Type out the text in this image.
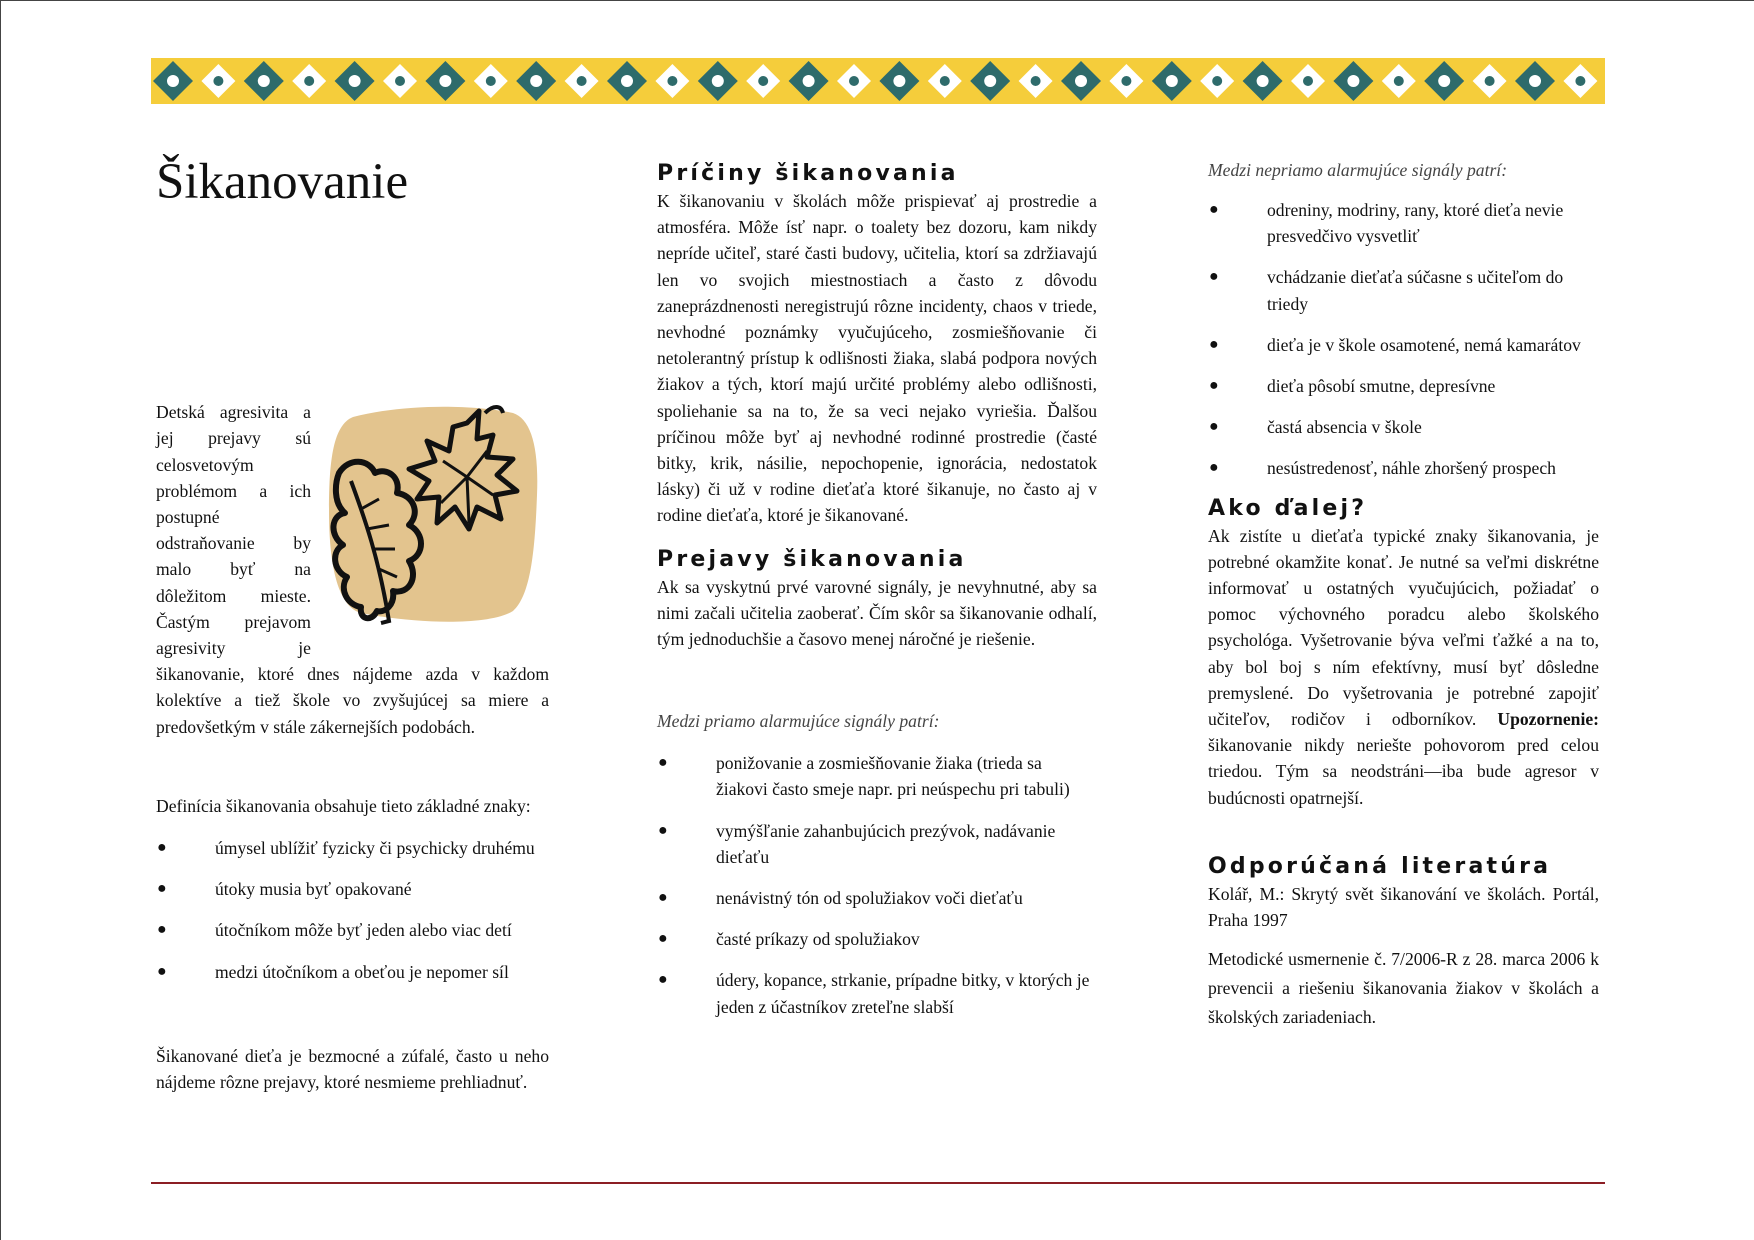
Šikanovanie

Detská agresivita a jej prejavy sú celosvetovým problémom a ich postupné odstraňovanie by malo byť na dôležitom mieste. Častým prejavom agresivity je šikanovanie, ktoré dnes nájdeme azda v každom kolektíve a tiež škole vo zvyšujúcej sa miere a predovšetkým v stále zákernejších podobách.

Definícia šikanovania obsahuje tieto základné znaky:

●	úmysel ublížiť fyzicky či psychicky druhému
●	útoky musia byť opakované
●	útočníkom môže byť jeden alebo viac detí
●	medzi útočníkom a obeťou je nepomer síl

Šikanované dieťa je bezmocné a zúfalé, často u neho nájdeme rôzne prejavy, ktoré nesmieme prehliadnuť.

Príčiny šikanovania

K šikanovaniu v školách môže prispievať aj prostredie a atmosféra. Môže ísť napr. o toalety bez dozoru, kam nikdy nepríde učiteľ, staré časti budovy, učitelia, ktorí sa zdržiavajú len vo svojich miestnostiach a často z dôvodu zaneprázdnenosti neregistrujú rôzne incidenty, chaos v triede, nevhodné poznámky vyučujúceho, zosmiešňovanie či netolerantný prístup k odlišnosti žiaka, slabá podpora nových žiakov a tých, ktorí majú určité problémy alebo odlišnosti, spoliehanie sa na to, že sa veci nejako vyriešia. Ďalšou príčinou môže byť aj nevhodné rodinné prostredie (časté bitky, krik, násilie, nepochopenie, ignorácia, nedostatok lásky) či už v rodine dieťaťa ktoré šikanuje, no často aj v rodine dieťaťa, ktoré je šikanované.

Prejavy šikanovania

Ak sa vyskytnú prvé varovné signály, je nevyhnutné, aby sa nimi začali učitelia zaoberať. Čím skôr sa šikanovanie odhalí, tým jednoduchšie a časovo menej náročné je riešenie.

Medzi priamo alarmujúce signály patrí:

●	ponižovanie a zosmiešňovanie žiaka (trieda sa žiakovi často smeje napr. pri neúspechu pri tabuli)
●	vymýšľanie zahanbujúcich prezývok, nadávanie dieťaťu
●	nenávistný tón od spolužiakov voči dieťaťu
●	časté príkazy od spolužiakov
●	údery, kopance, strkanie, prípadne bitky, v ktorých je jeden z účastníkov zreteľne slabší

Medzi nepriamo alarmujúce signály patrí:

●	odreniny, modriny, rany, ktoré dieťa nevie presvedčivo vysvetliť
●	vchádzanie dieťaťa súčasne s učiteľom do triedy
●	dieťa je v škole osamotené, nemá kamarátov
●	dieťa pôsobí smutne, depresívne
●	častá absencia v škole
●	nesústredenosť, náhle zhoršený prospech
Ako ďalej?

Ak zistíte u dieťaťa typické znaky šikanovania, je potrebné okamžite konať. Je nutné sa veľmi diskrétne informovať u ostatných vyučujúcich, požiadať o pomoc výchovného poradcu alebo školského psychológa. Vyšetrovanie býva veľmi ťažké a na to, aby bol boj s ním efektívny, musí byť dôsledne premyslené. Do vyšetrovania je potrebné zapojiť učiteľov, rodičov i odborníkov. Upozornenie: šikanovanie nikdy neriešte pohovorom pred celou triedou. Tým sa neodstráni—iba bude agresor v budúcnosti opatrnejší.

Odporúčaná literatúra

Kolář, M.: Skrytý svět šikanování ve školách. Portál, Praha 1997

Metodické usmernenie č. 7/2006-R z 28. marca 2006 k prevencii a riešeniu šikanovania žiakov v školách a školských zariadeniach.
